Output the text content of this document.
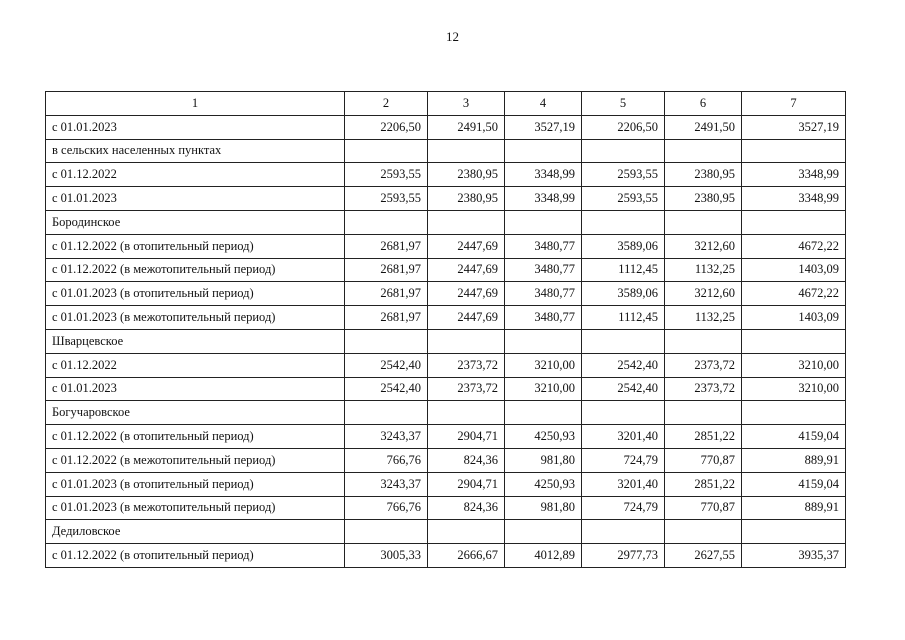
12
1	2	3	4	5	6	7
с 01.01.2023	2206,50	2491,50	3527,19	2206,50	2491,50	3527,19
в сельских населенных пунктах						
с 01.12.2022	2593,55	2380,95	3348,99	2593,55	2380,95	3348,99
с 01.01.2023	2593,55	2380,95	3348,99	2593,55	2380,95	3348,99
Бородинское						
с 01.12.2022 (в отопительный период)	2681,97	2447,69	3480,77	3589,06	3212,60	4672,22
с 01.12.2022 (в межотопительный период)	2681,97	2447,69	3480,77	1112,45	1132,25	1403,09
с 01.01.2023 (в отопительный период)	2681,97	2447,69	3480,77	3589,06	3212,60	4672,22
с 01.01.2023 (в межотопительный период)	2681,97	2447,69	3480,77	1112,45	1132,25	1403,09
Шварцевское						
с 01.12.2022	2542,40	2373,72	3210,00	2542,40	2373,72	3210,00
с 01.01.2023	2542,40	2373,72	3210,00	2542,40	2373,72	3210,00
Богучаровское						
с 01.12.2022 (в отопительный период)	3243,37	2904,71	4250,93	3201,40	2851,22	4159,04
с 01.12.2022 (в межотопительный период)	766,76	824,36	981,80	724,79	770,87	889,91
с 01.01.2023 (в отопительный период)	3243,37	2904,71	4250,93	3201,40	2851,22	4159,04
с 01.01.2023 (в межотопительный период)	766,76	824,36	981,80	724,79	770,87	889,91
Дедиловское						
с 01.12.2022 (в отопительный период)	3005,33	2666,67	4012,89	2977,73	2627,55	3935,37
